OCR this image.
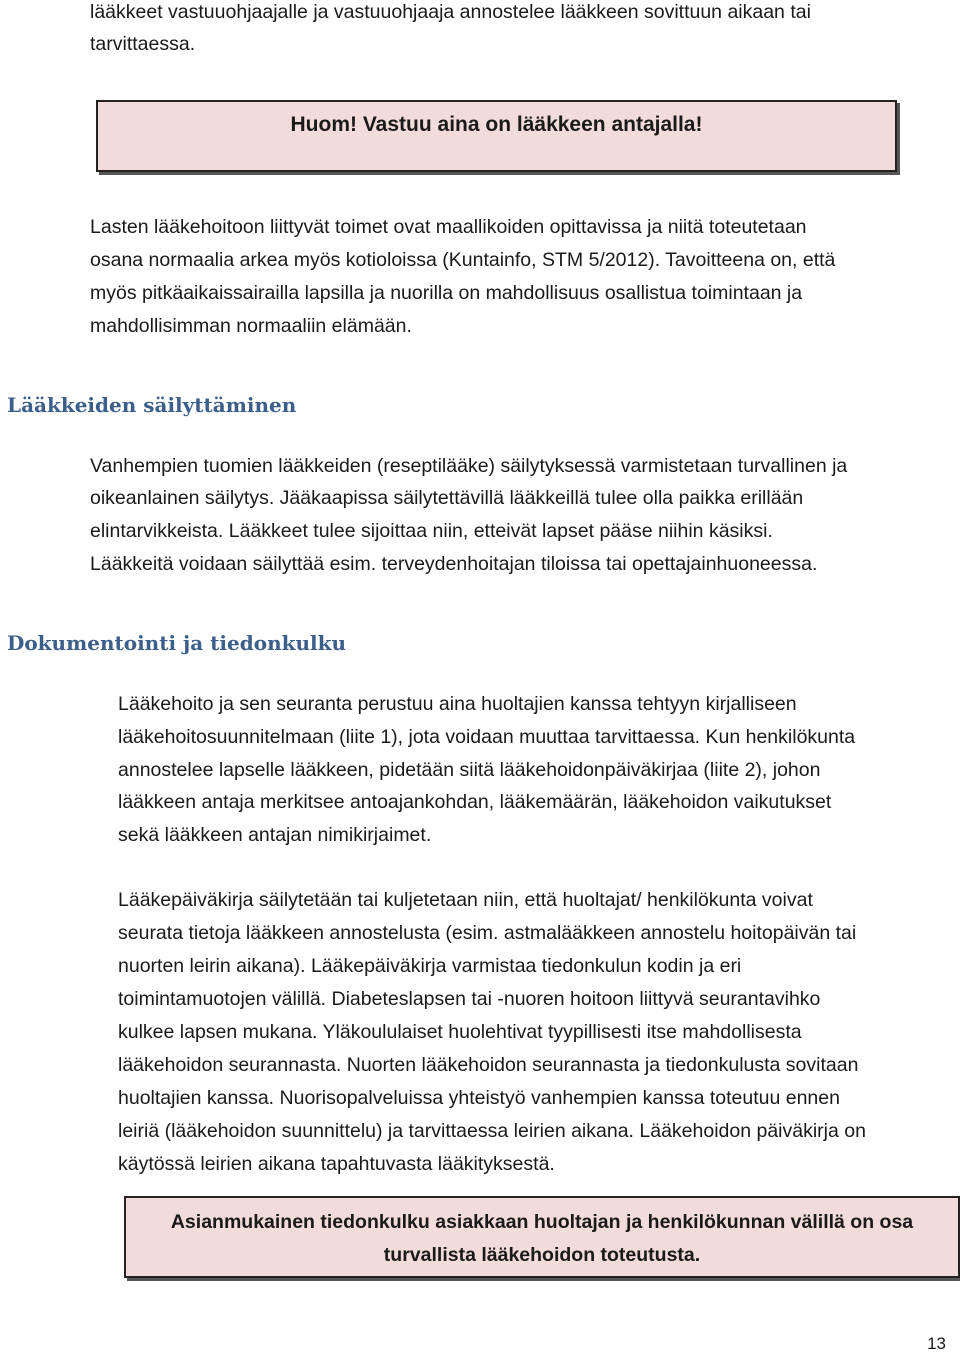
lääkkeet vastuuohjaajalle ja vastuuohjaaja annostelee lääkkeen sovittuun aikaan tai
tarvittaessa.
Huom! Vastuu aina on lääkkeen antajalla!
Lasten lääkehoitoon liittyvät toimet ovat maallikoiden opittavissa ja niitä toteutetaan
osana normaalia arkea myös kotioloissa (Kuntainfo, STM 5/2012). Tavoitteena on, että
myös pitkäaikaissairailla lapsilla ja nuorilla on mahdollisuus osallistua toimintaan ja
mahdollisimman normaaliin elämään.
Lääkkeiden säilyttäminen
Vanhempien tuomien lääkkeiden (reseptilääke) säilytyksessä varmistetaan turvallinen ja
oikeanlainen säilytys. Jääkaapissa säilytettävillä lääkkeillä tulee olla paikka erillään
elintarvikkeista. Lääkkeet tulee sijoittaa niin, etteivät lapset pääse niihin käsiksi.
Lääkkeitä voidaan säilyttää esim. terveydenhoitajan tiloissa tai opettajainhuoneessa.
Dokumentointi ja tiedonkulku
Lääkehoito ja sen seuranta perustuu aina huoltajien kanssa tehtyyn kirjalliseen
lääkehoitosuunnitelmaan (liite 1), jota voidaan muuttaa tarvittaessa. Kun henkilökunta
annostelee lapselle lääkkeen, pidetään siitä lääkehoidonpäiväkirjaa (liite 2), johon
lääkkeen antaja merkitsee antoajankohdan, lääkemäärän, lääkehoidon vaikutukset
sekä lääkkeen antajan nimikirjaimet.
Lääkepäiväkirja säilytetään tai kuljetetaan niin, että huoltajat/ henkilökunta voivat
seurata tietoja lääkkeen annostelusta (esim. astmalääkkeen annostelu hoitopäivän tai
nuorten leirin aikana). Lääkepäiväkirja varmistaa tiedonkulun kodin ja eri
toimintamuotojen välillä. Diabeteslapsen tai -nuoren hoitoon liittyvä seurantavihko
kulkee lapsen mukana. Yläkoululaiset huolehtivat tyypillisesti itse mahdollisesta
lääkehoidon seurannasta. Nuorten lääkehoidon seurannasta ja tiedonkulusta sovitaan
huoltajien kanssa. Nuorisopalveluissa yhteistyö vanhempien kanssa toteutuu ennen
leiriä (lääkehoidon suunnittelu) ja tarvittaessa leirien aikana. Lääkehoidon päiväkirja on
käytössä leirien aikana tapahtuvasta lääkityksestä.
Asianmukainen tiedonkulku asiakkaan huoltajan ja henkilökunnan välillä on osa
turvallista lääkehoidon toteutusta.
13
